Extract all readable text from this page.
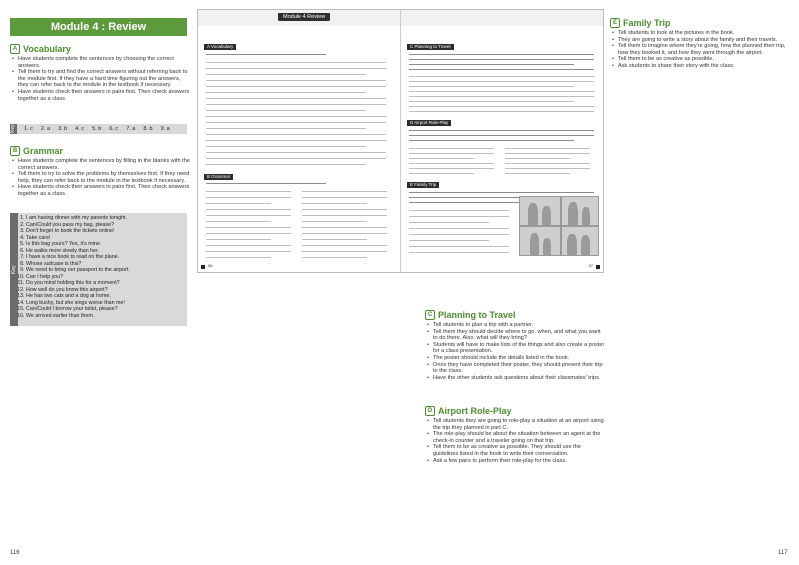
Module 4 : Review
A Vocabulary
• Have students complete the sentences by choosing the correct answers.
• Tell them to try and find the correct answers without referring back to the module first. If they have a hard time figuring out the answers, they can refer back to the module in the textbook if necessary.
• Have students check their answers in pairs first. Then check answers together as a class.
Key 1. c 2. a 3. b 4. c 5. b 6. c 7. a 8. b 9. a
B Grammar
• Have students complete the sentences by filling in the blanks with the correct answers.
• Tell them to try to solve the problems by themselves first. If they need help, they can refer back to the module in the textbook if necessary.
• Have students check their answers in pairs first. Then check answers together as a class.
Key
1. I am having dinner with my parents tonight.
2. Can/Could you pass my bag, please?
3. Don't forget to book the tickets online!
4. Take care!
5. Is this bag yours? Yes, it's mine.
6. He walks more slowly than her.
7. I have a nice book to read on the plane.
8. Whose suitcase is this?
9. We need to bring our passport to the airport.
10. Can I help you?
11. Do you mind holding this for a moment?
12. How well do you know this airport?
13. He has two cats and a dog at home.
14. Long bushy, but she sings worse than me!
15. Can/Could I borrow your toilet, please?
16. We arrived earlier than them.
116
Module 4 Review
A Vocabulary
B Grammar
56
C Planning to Travel
D Airport Role-Play
E Family Trip
57
E Family Trip
• Tell students to look at the pictures in the book.
• They are going to write a story about the family and their travels.
• Tell them to imagine where they're going, how the planned their trip, how they booked it, and how they went through the airport.
• Tell them to be as creative as possible.
• Ask students to share their story with the class.
C Planning to Travel
• Tell students to plan a trip with a partner.
• Tell them they should decide where to go, when, and what you want to do there. Also, what will they bring?
• Students will have to make lists of the things and also create a poster for a class presentation.
• The poster should include the details listed in the book.
• Once they have completed their poster, they should present their trip to the class.
• Have the other students ask questions about their classmates' trips.
D Airport Role-Play
• Tell students they are going to role-play a situation at an airport using the trip they planned in part C.
• The role-play should be about the situation between an agent at the check-in counter and a traveler going on that trip.
• Tell them to be as creative as possible. They should use the guidelines listed in the book to write their conversation.
• Ask a few pairs to perform their role-play for the class.
117
